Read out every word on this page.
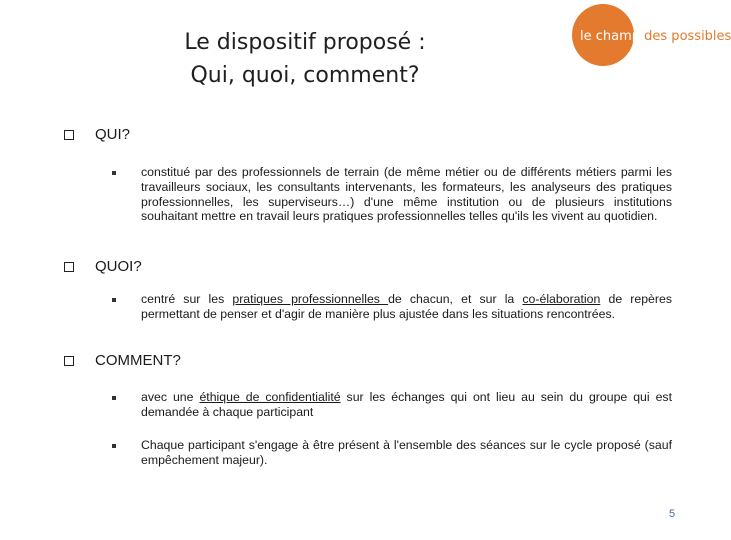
Le dispositif proposé :
Qui, quoi, comment?
le champ des possibles
QUI?
constitué par des professionnels de terrain (de même métier ou de différents métiers parmi les travailleurs sociaux, les consultants intervenants, les formateurs, les analyseurs des pratiques professionnelles, les superviseurs…) d'une même institution ou de plusieurs institutions souhaitant mettre en travail leurs pratiques professionnelles telles qu'ils les vivent au quotidien.
QUOI?
centré sur les pratiques professionnelles de chacun, et sur la co-élaboration de repères permettant de penser et d'agir de manière plus ajustée dans les situations rencontrées.
COMMENT?
avec une éthique de confidentialité sur les échanges qui ont lieu au sein du groupe qui est demandée à chaque participant
Chaque participant s'engage à être présent à l'ensemble des séances sur le cycle proposé (sauf empêchement majeur).
5
